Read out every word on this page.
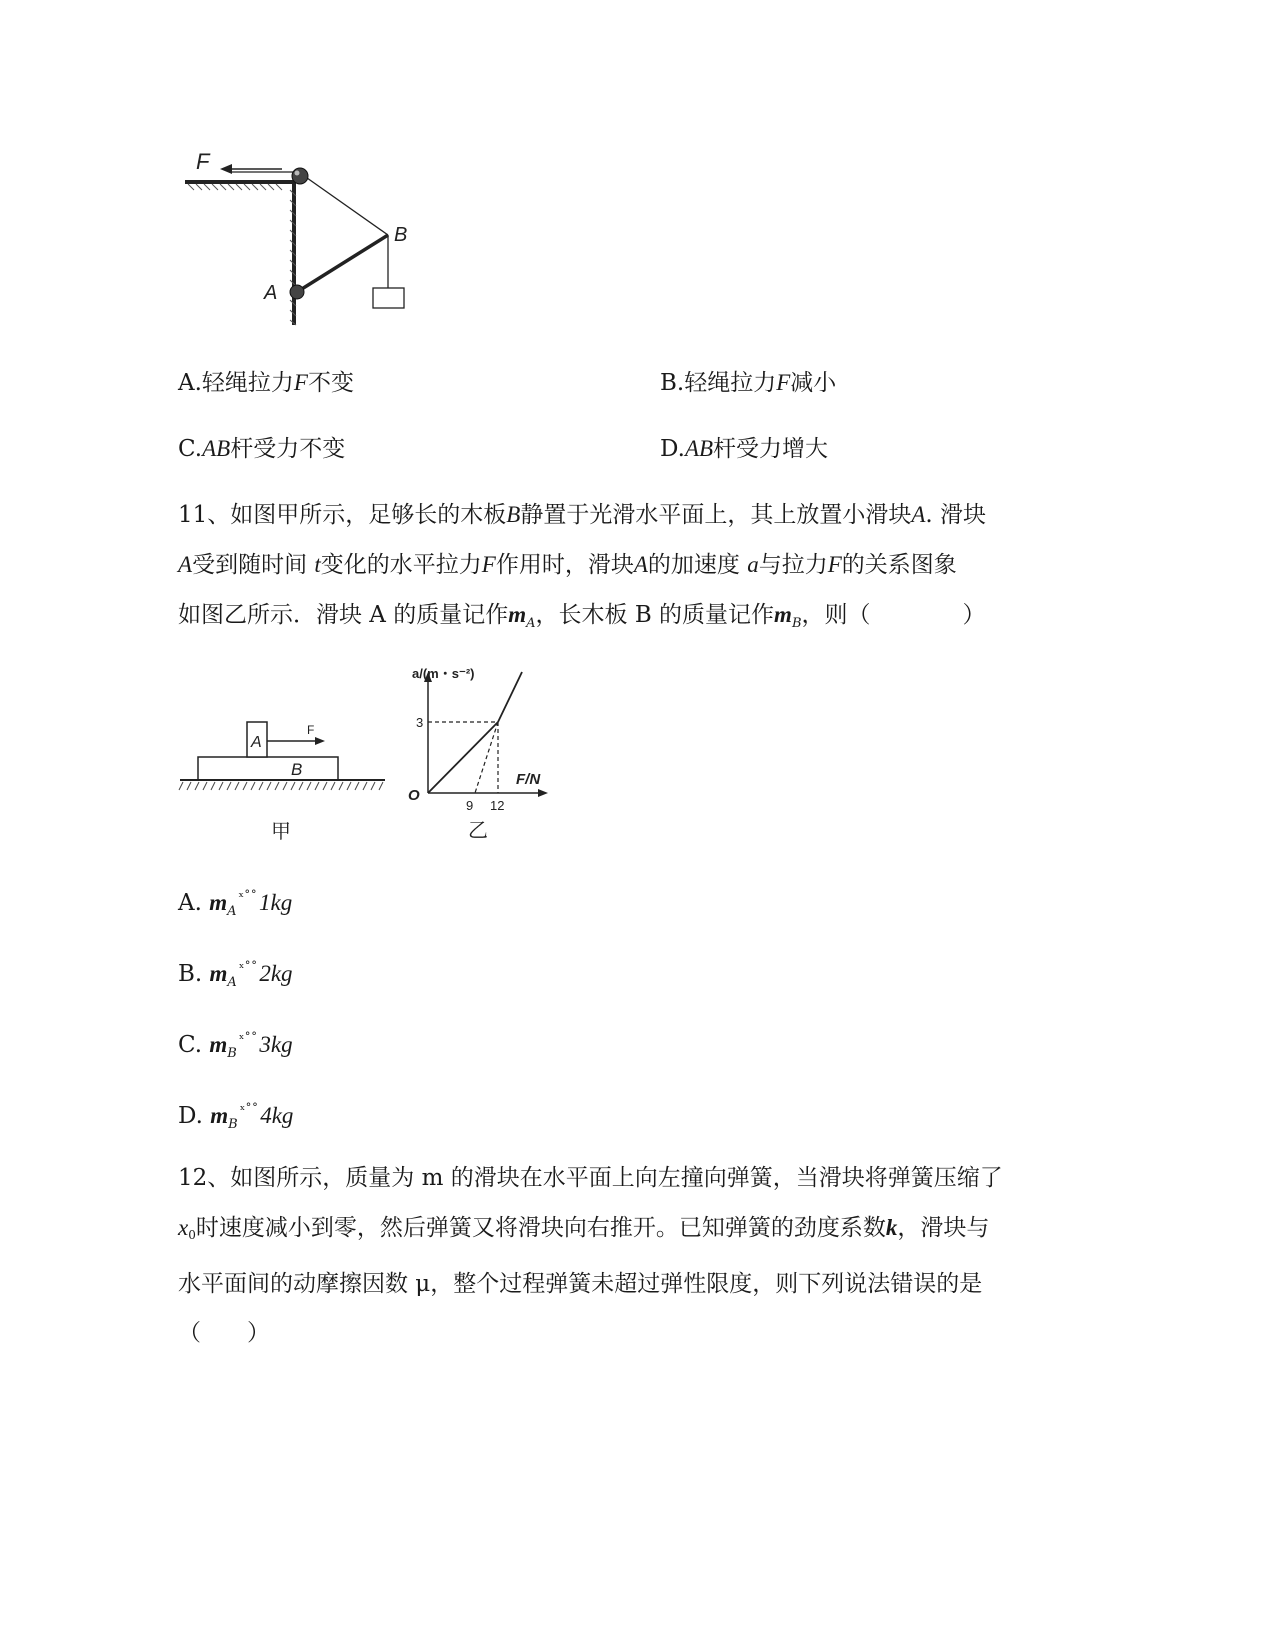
F
A
B
A.轻绳拉力F不变	B.轻绳拉力F减小
C.AB杆受力不变	D.AB杆受力增大
11、如图甲所示，足够长的木板B静置于光滑水平面上，其上放置小滑块A. 滑块
A受到随时间 t变化的水平拉力F作用时，滑块A的加速度 a与拉力F的关系图象
如图乙所示．滑块 A 的质量记作$m_A$，长木板 B 的质量记作$m_B$，则（　　　　）
B
A
F
甲
a/(m・s⁻²)
F/N
O
3
9 12
乙
A. $m_A^{ˣ˚˚}1kg$
B. $m_A^{ˣ˚˚}2kg$
C. $m_B^{ˣ˚˚}3kg$
D. $m_B^{ˣ˚˚}4kg$
12、如图所示，质量为 m 的滑块在水平面上向左撞向弹簧，当滑块将弹簧压缩了
x0时速度减小到零，然后弹簧又将滑块向右推开。已知弹簧的劲度系数k，滑块与
水平面间的动摩擦因数 μ，整个过程弹簧未超过弹性限度，则下列说法错误的是
（　　）
